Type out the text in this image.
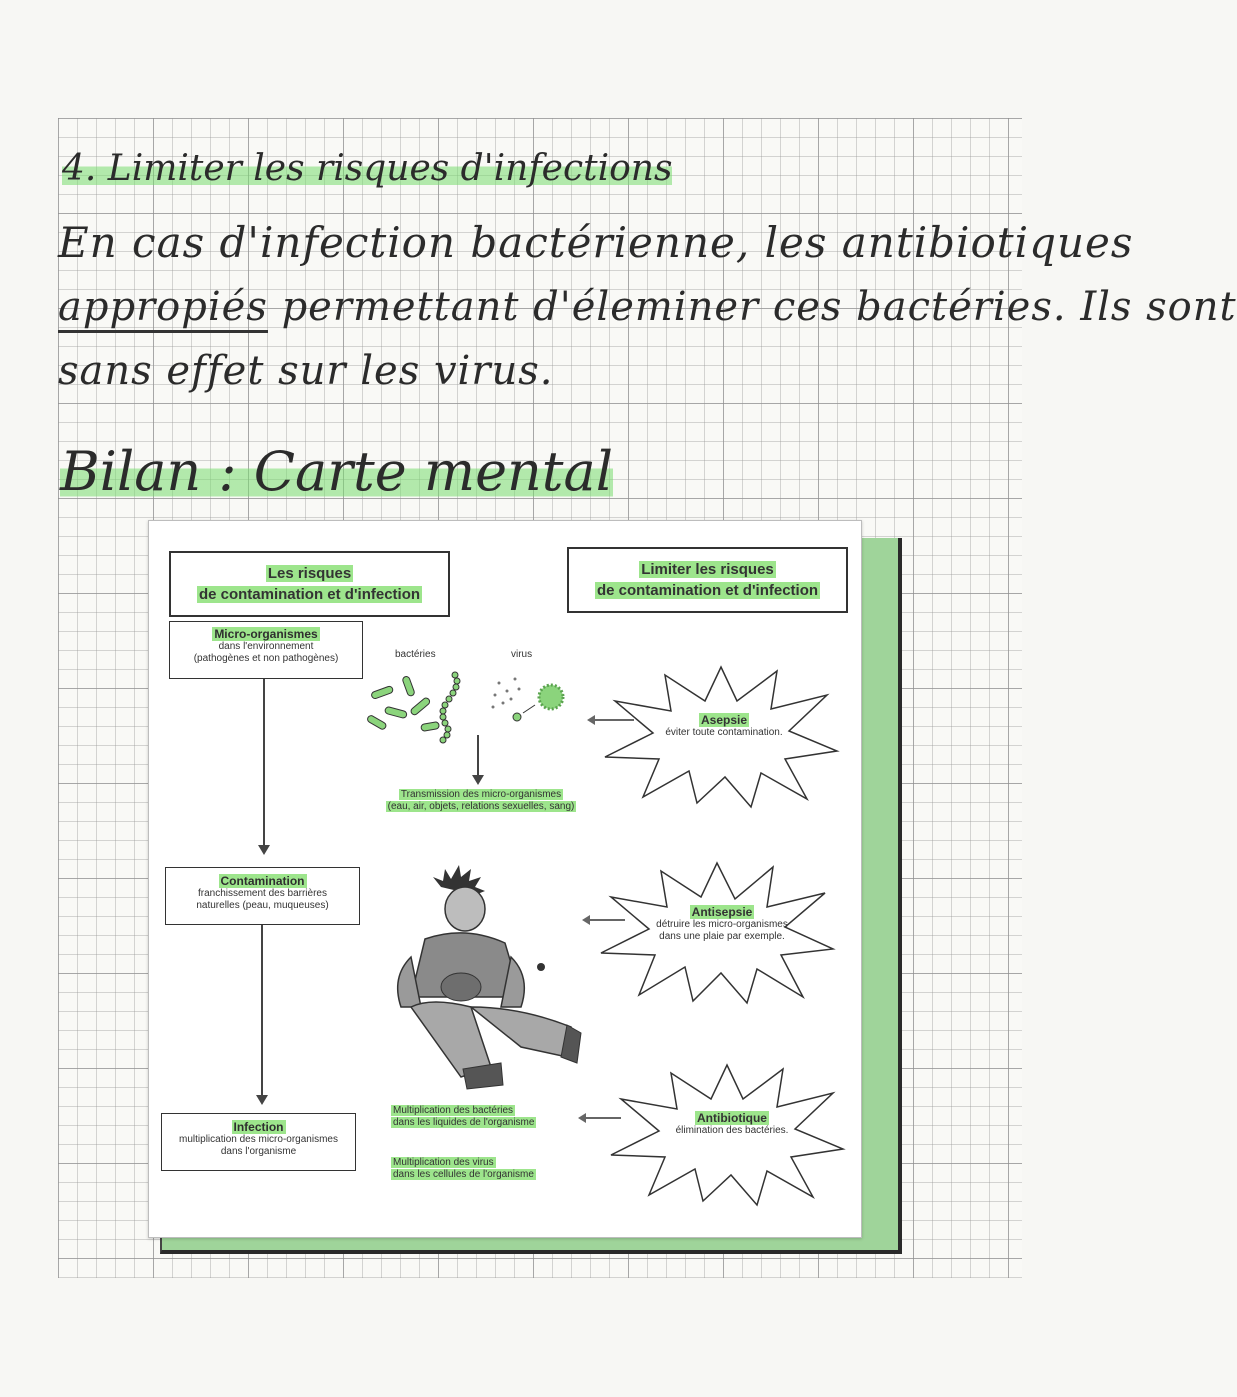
4. Limiter les risques d'infections
En cas d'infection bactérienne, les antibiotiques
appropiés permettant d'éleminer ces bactéries. Ils sont
sans effet sur les virus.
Bilan : Carte mental
Les risques
de contamination et d'infection
Limiter les risques
de contamination et d'infection
Micro-organismes
dans l'environnement
(pathogènes et non pathogènes)
Contamination
franchissement des barrières
naturelles (peau, muqueuses)
Infection
multiplication des micro-organismes
dans l'organisme
bactéries	virus
Transmission des micro-organismes
(eau, air, objets, relations sexuelles, sang)
Multiplication des bactéries
dans les liquides de l'organisme
Multiplication des virus
dans les cellules de l'organisme
Asepsie
éviter toute contamination.
Antisepsie
détruire les micro-organismes
dans une plaie par exemple.
Antibiotique
élimination des bactéries.
